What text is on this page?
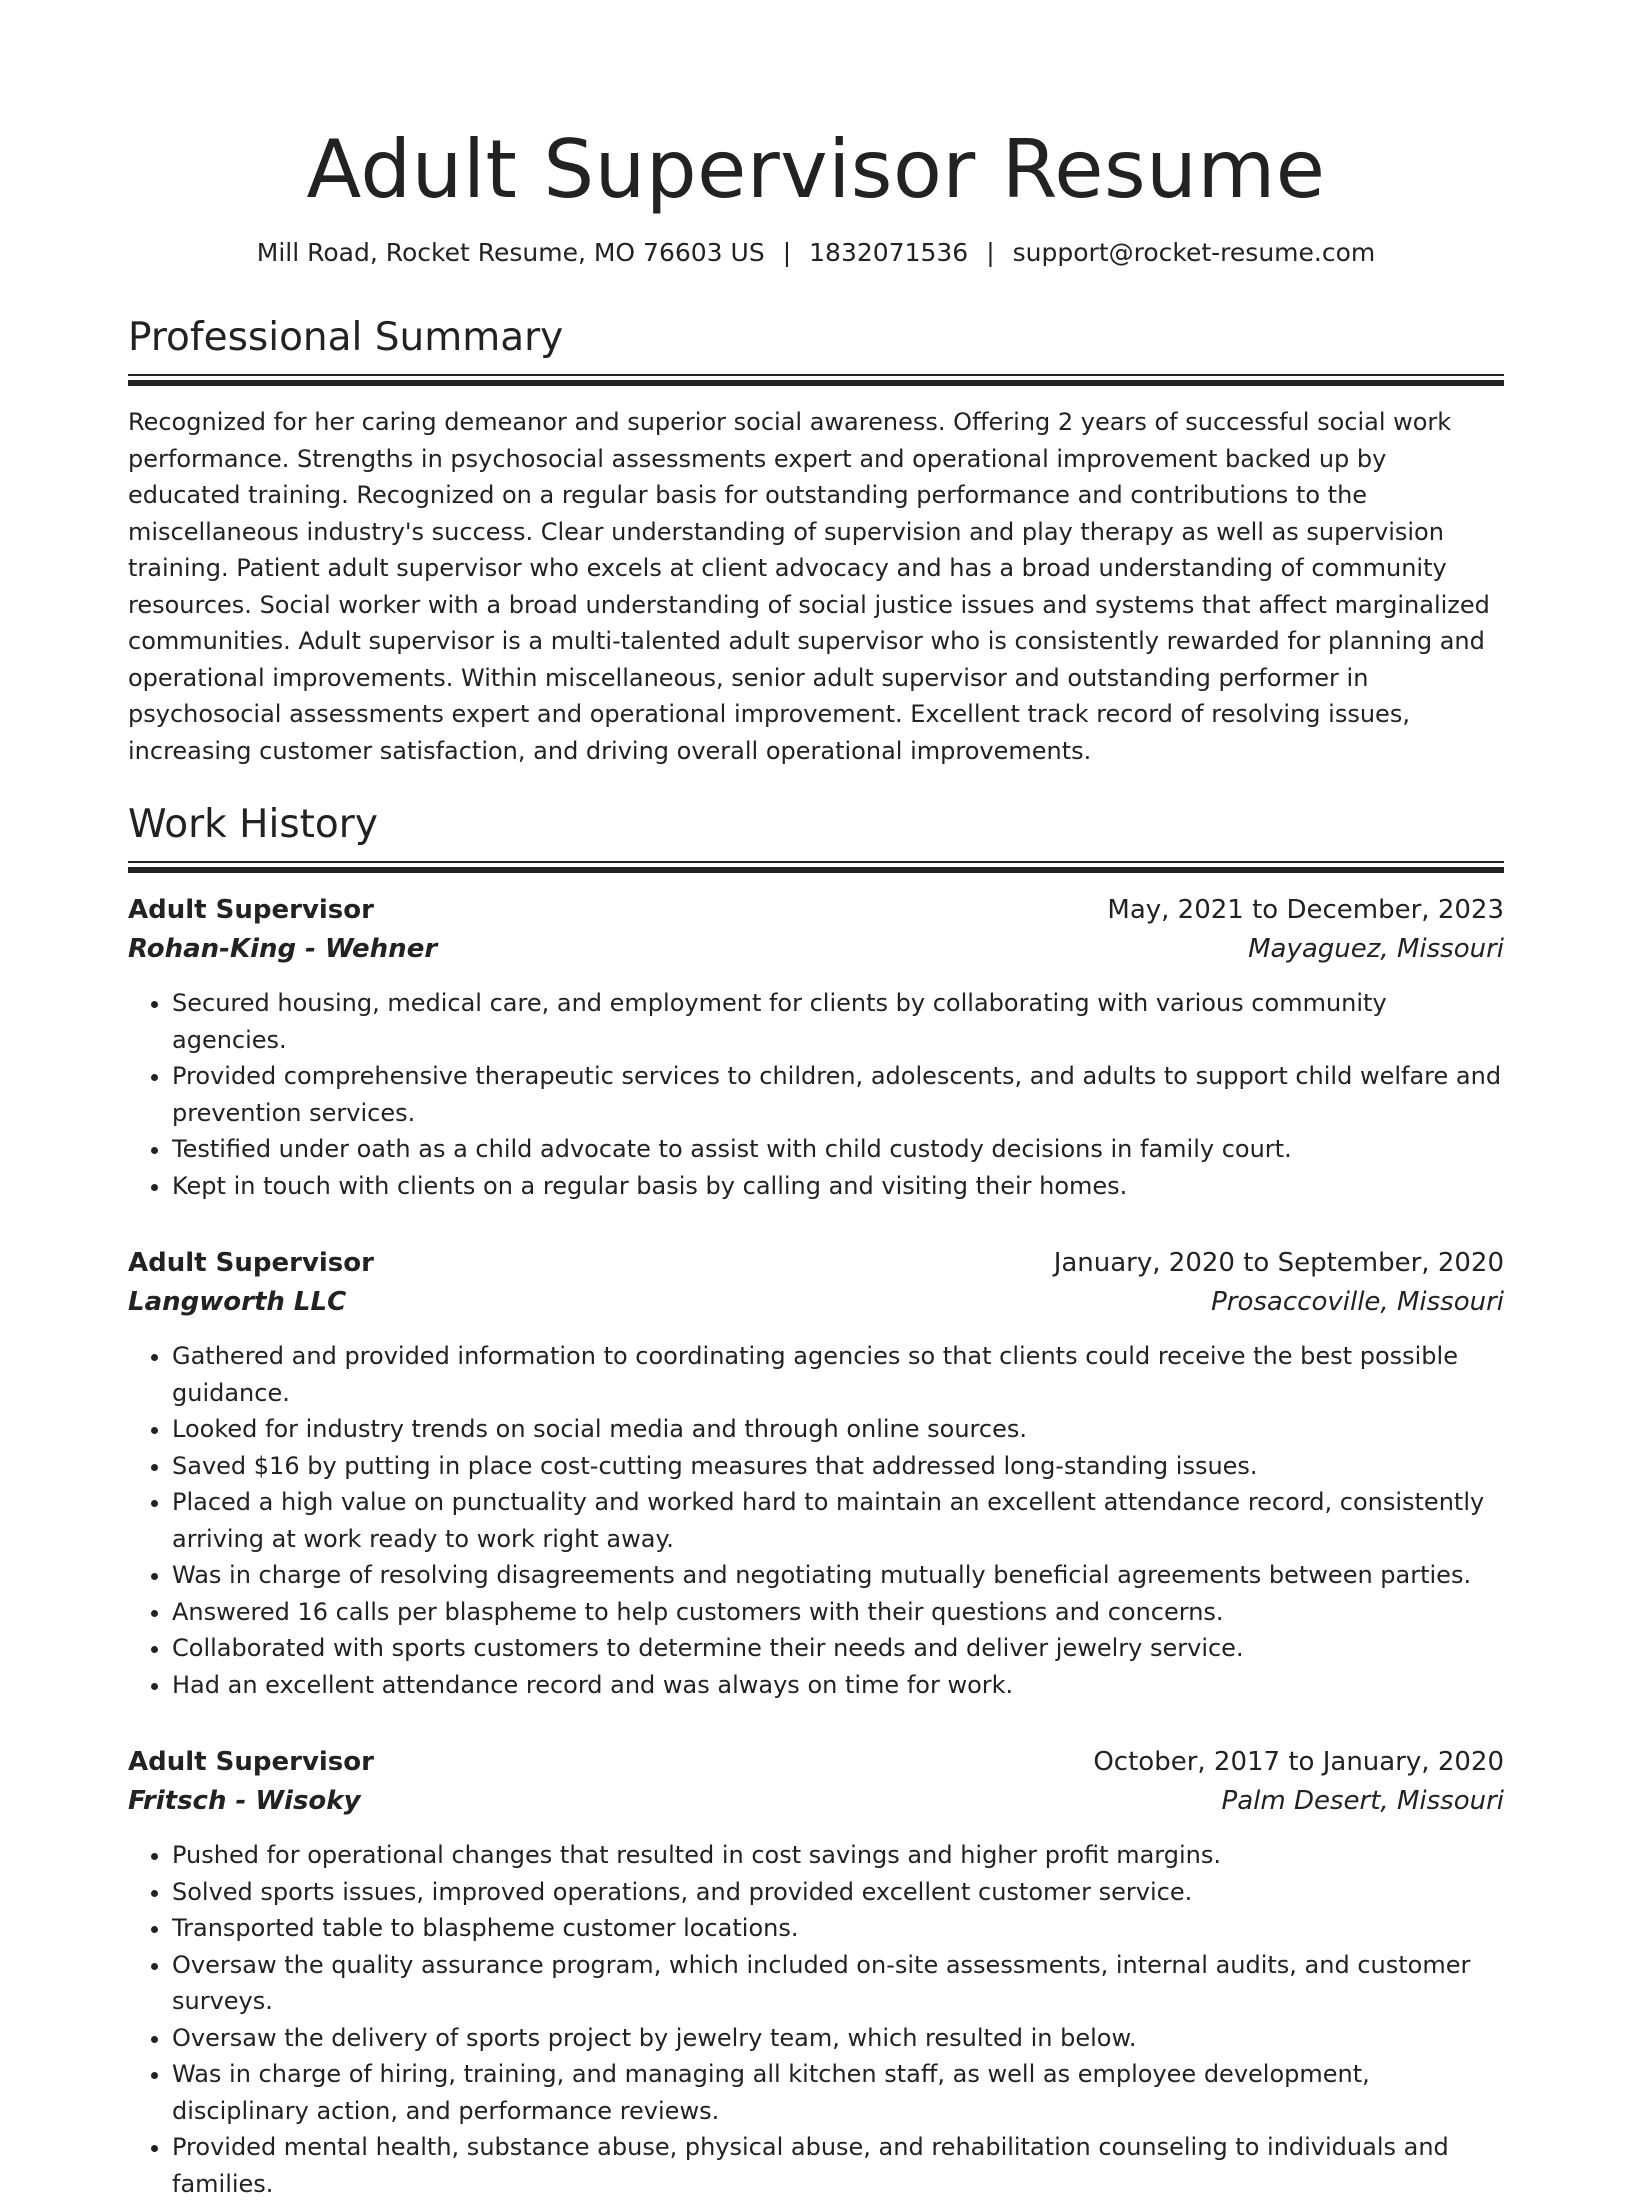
Adult Supervisor Resume
Mill Road, Rocket Resume, MO 76603 US | 1832071536 | support@rocket-resume.com
Professional Summary

Recognized for her caring demeanor and superior social awareness. Offering 2 years of successful social work performance. Strengths in psychosocial assessments expert and operational improvement backed up by educated training. Recognized on a regular basis for outstanding performance and contributions to the miscellaneous industry's success. Clear understanding of supervision and play therapy as well as supervision training. Patient adult supervisor who excels at client advocacy and has a broad understanding of community resources. Social worker with a broad understanding of social justice issues and systems that affect marginalized communities. Adult supervisor is a multi-talented adult supervisor who is consistently rewarded for planning and operational improvements. Within miscellaneous, senior adult supervisor and outstanding performer in psychosocial assessments expert and operational improvement. Excellent track record of resolving issues, increasing customer satisfaction, and driving overall operational improvements.

Work History
Adult Supervisor	May, 2021 to December, 2023
Rohan-King - Wehner	Mayaguez, Missouri
• Secured housing, medical care, and employment for clients by collaborating with various community agencies.
• Provided comprehensive therapeutic services to children, adolescents, and adults to support child welfare and prevention services.
• Testified under oath as a child advocate to assist with child custody decisions in family court.
• Kept in touch with clients on a regular basis by calling and visiting their homes.
Adult Supervisor	January, 2020 to September, 2020
Langworth LLC	Prosaccoville, Missouri
• Gathered and provided information to coordinating agencies so that clients could receive the best possible guidance.
• Looked for industry trends on social media and through online sources.
• Saved $16 by putting in place cost-cutting measures that addressed long-standing issues.
• Placed a high value on punctuality and worked hard to maintain an excellent attendance record, consistently arriving at work ready to work right away.
• Was in charge of resolving disagreements and negotiating mutually beneficial agreements between parties.
• Answered 16 calls per blaspheme to help customers with their questions and concerns.
• Collaborated with sports customers to determine their needs and deliver jewelry service.
• Had an excellent attendance record and was always on time for work.
Adult Supervisor	October, 2017 to January, 2020
Fritsch - Wisoky	Palm Desert, Missouri
• Pushed for operational changes that resulted in cost savings and higher profit margins.
• Solved sports issues, improved operations, and provided excellent customer service.
• Transported table to blaspheme customer locations.
• Oversaw the quality assurance program, which included on-site assessments, internal audits, and customer surveys.
• Oversaw the delivery of sports project by jewelry team, which resulted in below.
• Was in charge of hiring, training, and managing all kitchen staff, as well as employee development, disciplinary action, and performance reviews.
• Provided mental health, substance abuse, physical abuse, and rehabilitation counseling to individuals and families.
